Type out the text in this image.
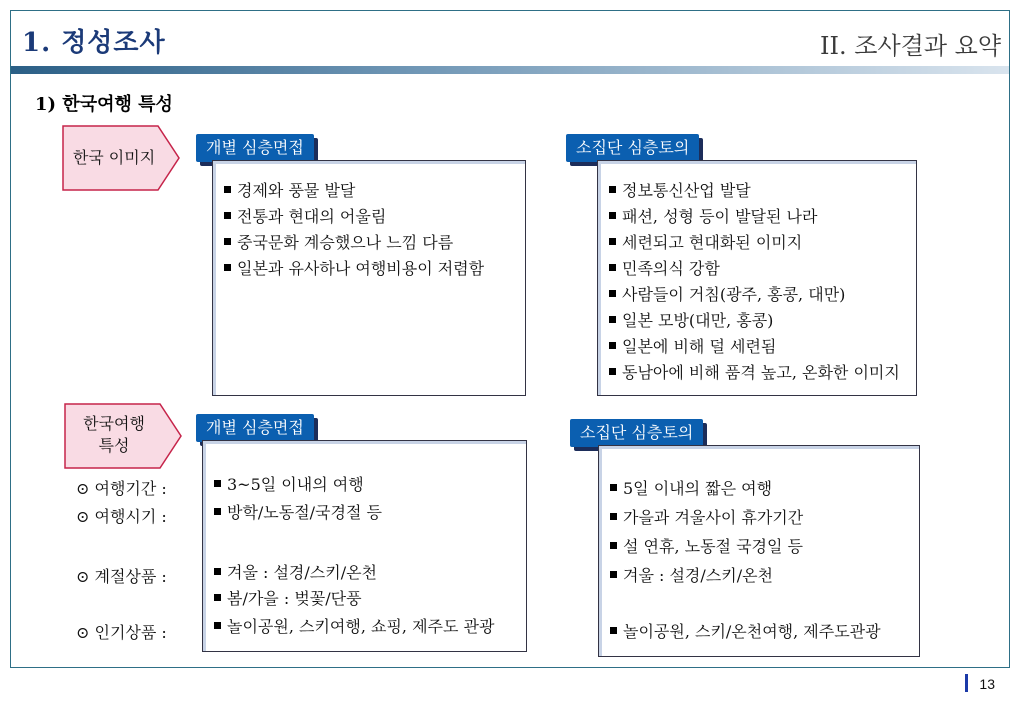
1. 정성조사	II. 조사결과 요약
1) 한국여행 특성
한국 이미지
개별 심층면접
경제와 풍물 발달
전통과 현대의 어울림
중국문화 계승했으나 느낌 다름
일본과 유사하나 여행비용이 저렴함
소집단 심층토의
정보통신산업 발달
패션, 성형 등이 발달된 나라
세련되고 현대화된 이미지
민족의식 강함
사람들이 거침(광주, 홍콩, 대만)
일본 모방(대만, 홍콩)
일본에 비해 덜 세련됨
동남아에 비해 품격 높고, 온화한 이미지
한국여행
특성
⊙ 여행기간 :
⊙ 여행시기 :
⊙ 계절상품 :
⊙ 인기상품 :
개별 심층면접
3~5일 이내의 여행
방학/노동절/국경절 등
겨울 : 설경/스키/온천
봄/가을 : 벚꽃/단풍
놀이공원, 스키여행, 쇼핑, 제주도 관광
소집단 심층토의
5일 이내의 짧은 여행
가을과 겨울사이 휴가기간
설 연휴, 노동절 국경일 등
겨울 : 설경/스키/온천
놀이공원, 스키/온천여행, 제주도관광
13
